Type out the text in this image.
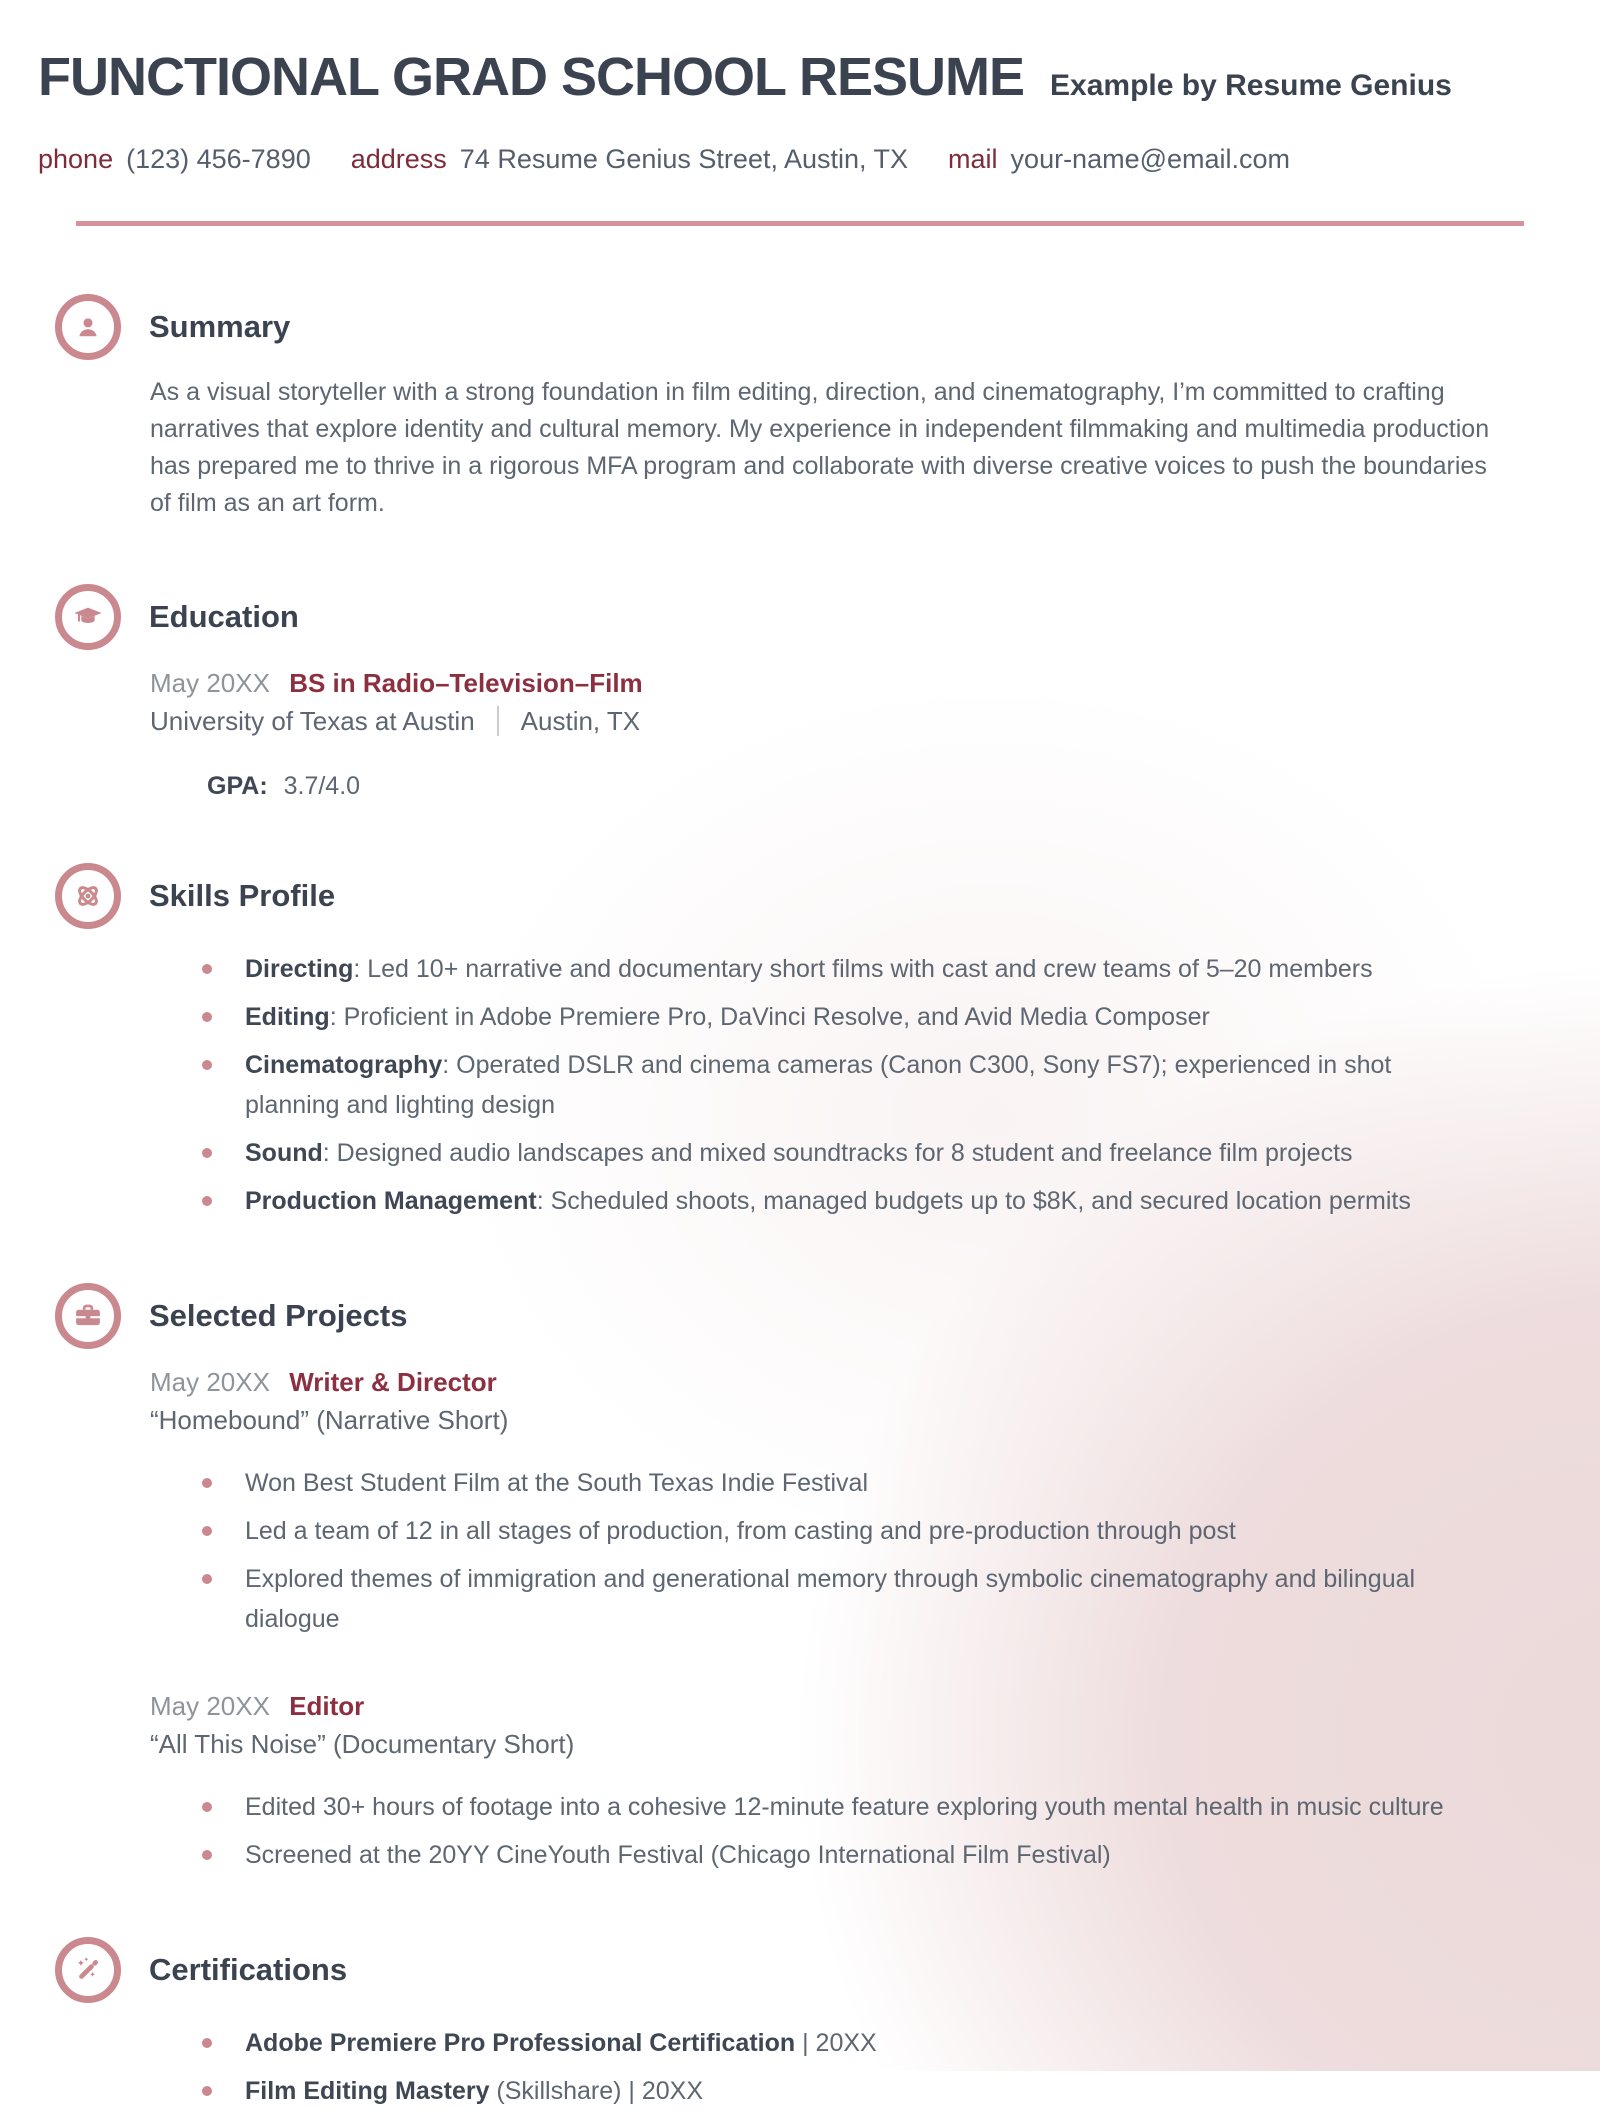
FUNCTIONAL GRAD SCHOOL RESUME Example by Resume Genius
phone (123) 456-7890 address 74 Resume Genius Street, Austin, TX mail your-name@email.com
Summary

As a visual storyteller with a strong foundation in film editing, direction, and cinematography, I’m committed to crafting narratives that explore identity and cultural memory. My experience in independent filmmaking and multimedia production has prepared me to thrive in a rigorous MFA program and collaborate with diverse creative voices to push the boundaries of film as an art form.

Education
May 20XX BS in Radio–Television–Film
University of Texas at Austin Austin, TX
GPA: 3.7/4.0
Skills Profile
Directing: Led 10+ narrative and documentary short films with cast and crew teams of 5–20 members
Editing: Proficient in Adobe Premiere Pro, DaVinci Resolve, and Avid Media Composer
Cinematography: Operated DSLR and cinema cameras (Canon C300, Sony FS7); experienced in shot planning and lighting design
Sound: Designed audio landscapes and mixed soundtracks for 8 student and freelance film projects
Production Management: Scheduled shoots, managed budgets up to $8K, and secured location permits
Selected Projects
May 20XX Writer & Director
“Homebound” (Narrative Short)
Won Best Student Film at the South Texas Indie Festival
Led a team of 12 in all stages of production, from casting and pre-production through post
Explored themes of immigration and generational memory through symbolic cinematography and bilingual dialogue
May 20XX Editor
“All This Noise” (Documentary Short)
Edited 30+ hours of footage into a cohesive 12-minute feature exploring youth mental health in music culture
Screened at the 20YY CineYouth Festival (Chicago International Film Festival)
Certifications
Adobe Premiere Pro Professional Certification | 20XX
Film Editing Mastery (Skillshare) | 20XX
